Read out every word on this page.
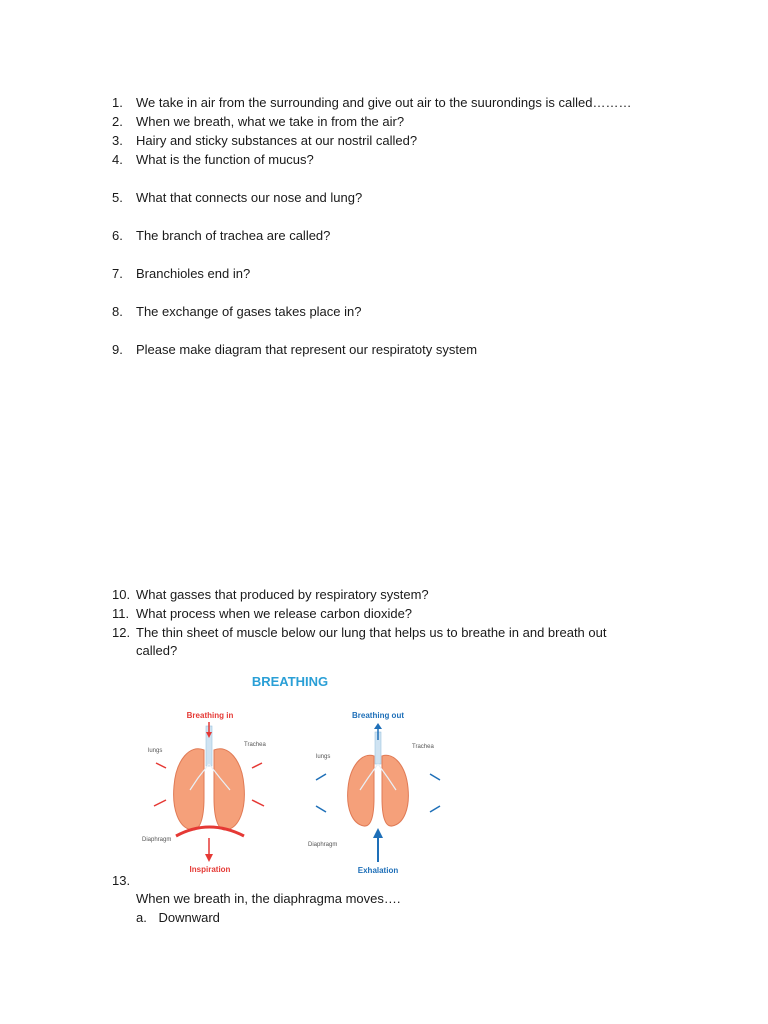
1.	We take in air from the surrounding and give out air to the suurondings is called………
2.	When we breath, what we take in from the air?
3.	Hairy and sticky substances at our nostril called?
4.	What is the function of mucus?
5.	What that connects our nose and lung?
6.	The branch of trachea are called?
7.	Branchioles end in?
8.	The exchange of gases takes place in?
9.	Please make diagram that represent our respiratoty system
10. What gasses that produced by respiratory system?
11. What process when we release carbon dioxide?
12. The thin sheet of muscle below our lung that helps us to breathe in and breath out called?
BREATHING
Breathing in
lungs
Trachea
Diaphragm
Inspiration
Breathing out
lungs
Trachea
Diaphragm
Exhalation
13.
When we breath in, the diaphragma moves….
a. Downward
